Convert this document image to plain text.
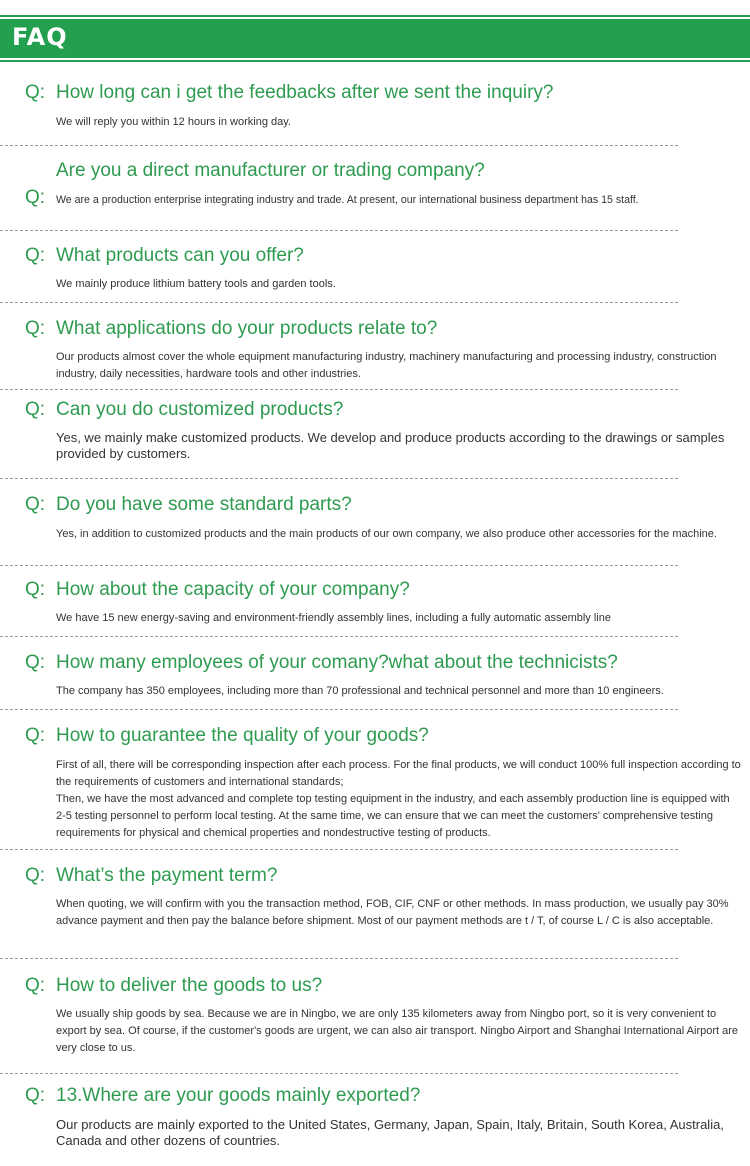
FAQ
Q: How long can i get the feedbacks after we sent the inquiry?
We will reply you within 12 hours in working day.
Are you a direct manufacturer or trading company?
Q: We are a production enterprise integrating industry and trade. At present, our international business department has 15 staff.
Q: What products can you offer?
We mainly produce lithium battery tools and garden tools.
Q: What applications do your products relate to?
Our products almost cover the whole equipment manufacturing industry, machinery manufacturing and processing industry, construction industry, daily necessities, hardware tools and other industries.
Q: Can you do customized products?
Yes, we mainly make customized products. We develop and produce products according to the drawings or samples provided by customers.
Q: Do you have some standard parts?
Yes, in addition to customized products and the main products of our own company, we also produce other accessories for the machine.
Q: How about the capacity of your company?
We have 15 new energy-saving and environment-friendly assembly lines, including a fully automatic assembly line
Q: How many employees of your comany?what about the technicists?
The company has 350 employees, including more than 70 professional and technical personnel and more than 10 engineers.
Q: How to guarantee the quality of your goods?
First of all, there will be corresponding inspection after each process. For the final products, we will conduct 100% full inspection according to the requirements of customers and international standards;
Then, we have the most advanced and complete top testing equipment in the industry, and each assembly production line is equipped with 2-5 testing personnel to perform local testing. At the same time, we can ensure that we can meet the customers' comprehensive testing requirements for physical and chemical properties and nondestructive testing of products.
Q: What’s the payment term?
When quoting, we will confirm with you the transaction method, FOB, CIF, CNF or other methods. In mass production, we usually pay 30% advance payment and then pay the balance before shipment. Most of our payment methods are t / T, of course L / C is also acceptable.
Q: How to deliver the goods to us?
We usually ship goods by sea. Because we are in Ningbo, we are only 135 kilometers away from Ningbo port, so it is very convenient to export by sea. Of course, if the customer's goods are urgent, we can also air transport. Ningbo Airport and Shanghai International Airport are very close to us.
Q: 13.Where are your goods mainly exported?
Our products are mainly exported to the United States, Germany, Japan, Spain, Italy, Britain, South Korea, Australia, Canada and other dozens of countries.
